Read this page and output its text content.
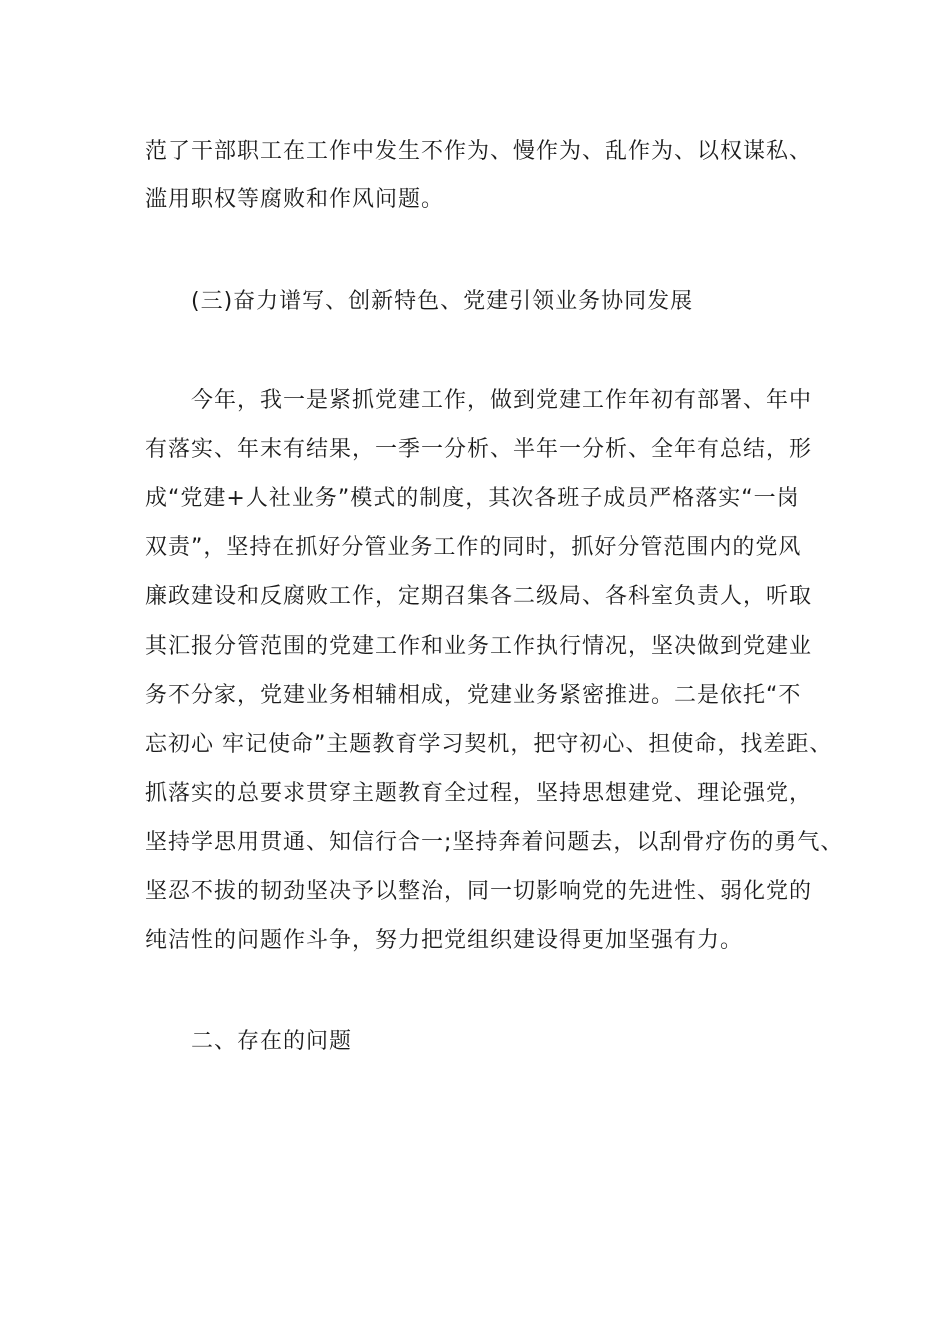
范了干部职工在工作中发生不作为、慢作为、乱作为、以权谋私、
滥用职权等腐败和作风问题。
(三)奋力谱写、创新特色、党建引领业务协同发展
今年，我一是紧抓党建工作，做到党建工作年初有部署、年中
有落实、年末有结果，一季一分析、半年一分析、全年有总结，形
成“党建+人社业务”模式的制度，其次各班子成员严格落实“一岗
双责”，坚持在抓好分管业务工作的同时，抓好分管范围内的党风
廉政建设和反腐败工作，定期召集各二级局、各科室负责人，听取
其汇报分管范围的党建工作和业务工作执行情况，坚决做到党建业
务不分家，党建业务相辅相成，党建业务紧密推进。二是依托“不
忘初心 牢记使命”主题教育学习契机，把守初心、担使命，找差距、
抓落实的总要求贯穿主题教育全过程，坚持思想建党、理论强党，
坚持学思用贯通、知信行合一;坚持奔着问题去，以刮骨疗伤的勇气、
坚忍不拔的韧劲坚决予以整治，同一切影响党的先进性、弱化党的
纯洁性的问题作斗争，努力把党组织建设得更加坚强有力。
二、存在的问题
